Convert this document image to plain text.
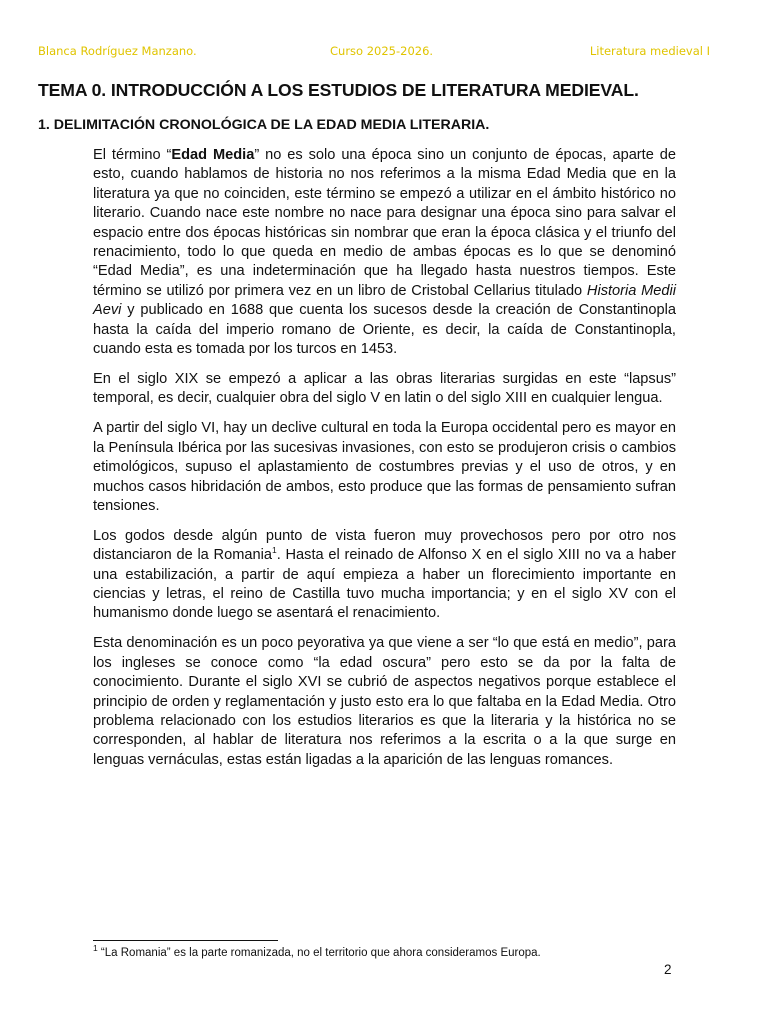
Blanca Rodríguez Manzano.	Curso 2025-2026.	Literatura medieval I
TEMA 0. INTRODUCCIÓN A LOS ESTUDIOS DE LITERATURA MEDIEVAL.
1. DELIMITACIÓN CRONOLÓGICA DE LA EDAD MEDIA LITERARIA.

El término “Edad Media” no es solo una época sino un conjunto de épocas, aparte de esto, cuando hablamos de historia no nos referimos a la misma Edad Media que en la literatura ya que no coinciden, este término se empezó a utilizar en el ámbito histórico no literario. Cuando nace este nombre no nace para designar una época sino para salvar el espacio entre dos épocas históricas sin nombrar que eran la época clásica y el triunfo del renacimiento, todo lo que queda en medio de ambas épocas es lo que se denominó “Edad Media”, es una indeterminación que ha llegado hasta nuestros tiempos. Este término se utilizó por primera vez en un libro de Cristobal Cellarius titulado Historia Medii Aevi y publicado en 1688 que cuenta los sucesos desde la creación de Constantinopla hasta la caída del imperio romano de Oriente, es decir, la caída de Constantinopla, cuando esta es tomada por los turcos en 1453.

En el siglo XIX se empezó a aplicar a las obras literarias surgidas en este “lapsus” temporal, es decir, cualquier obra del siglo V en latin o del siglo XIII en cualquier lengua.

A partir del siglo VI, hay un declive cultural en toda la Europa occidental pero es mayor en la Península Ibérica por las sucesivas invasiones, con esto se produjeron crisis o cambios etimológicos, supuso el aplastamiento de costumbres previas y el uso de otros, y en muchos casos hibridación de ambos, esto produce que las formas de pensamiento sufran tensiones.

Los godos desde algún punto de vista fueron muy provechosos pero por otro nos distanciaron de la Romania$^1$. Hasta el reinado de Alfonso X en el siglo XIII no va a haber una estabilización, a partir de aquí empieza a haber un florecimiento importante en ciencias y letras, el reino de Castilla tuvo mucha importancia; y en el siglo XV con el humanismo donde luego se asentará el renacimiento.

Esta denominación es un poco peyorativa ya que viene a ser “lo que está en medio”, para los ingleses se conoce como “la edad oscura” pero esto se da por la falta de conocimiento. Durante el siglo XVI se cubrió de aspectos negativos porque establece el principio de orden y reglamentación y justo esto era lo que faltaba en la Edad Media. Otro problema relacionado con los estudios literarios es que la literaria y la histórica no se corresponden, al hablar de literatura nos referimos a la escrita o a la que surge en lenguas vernáculas, estas están ligadas a la aparición de las lenguas romances.

$^1$ “La Romania” es la parte romanizada, no el territorio que ahora consideramos Europa.
2
